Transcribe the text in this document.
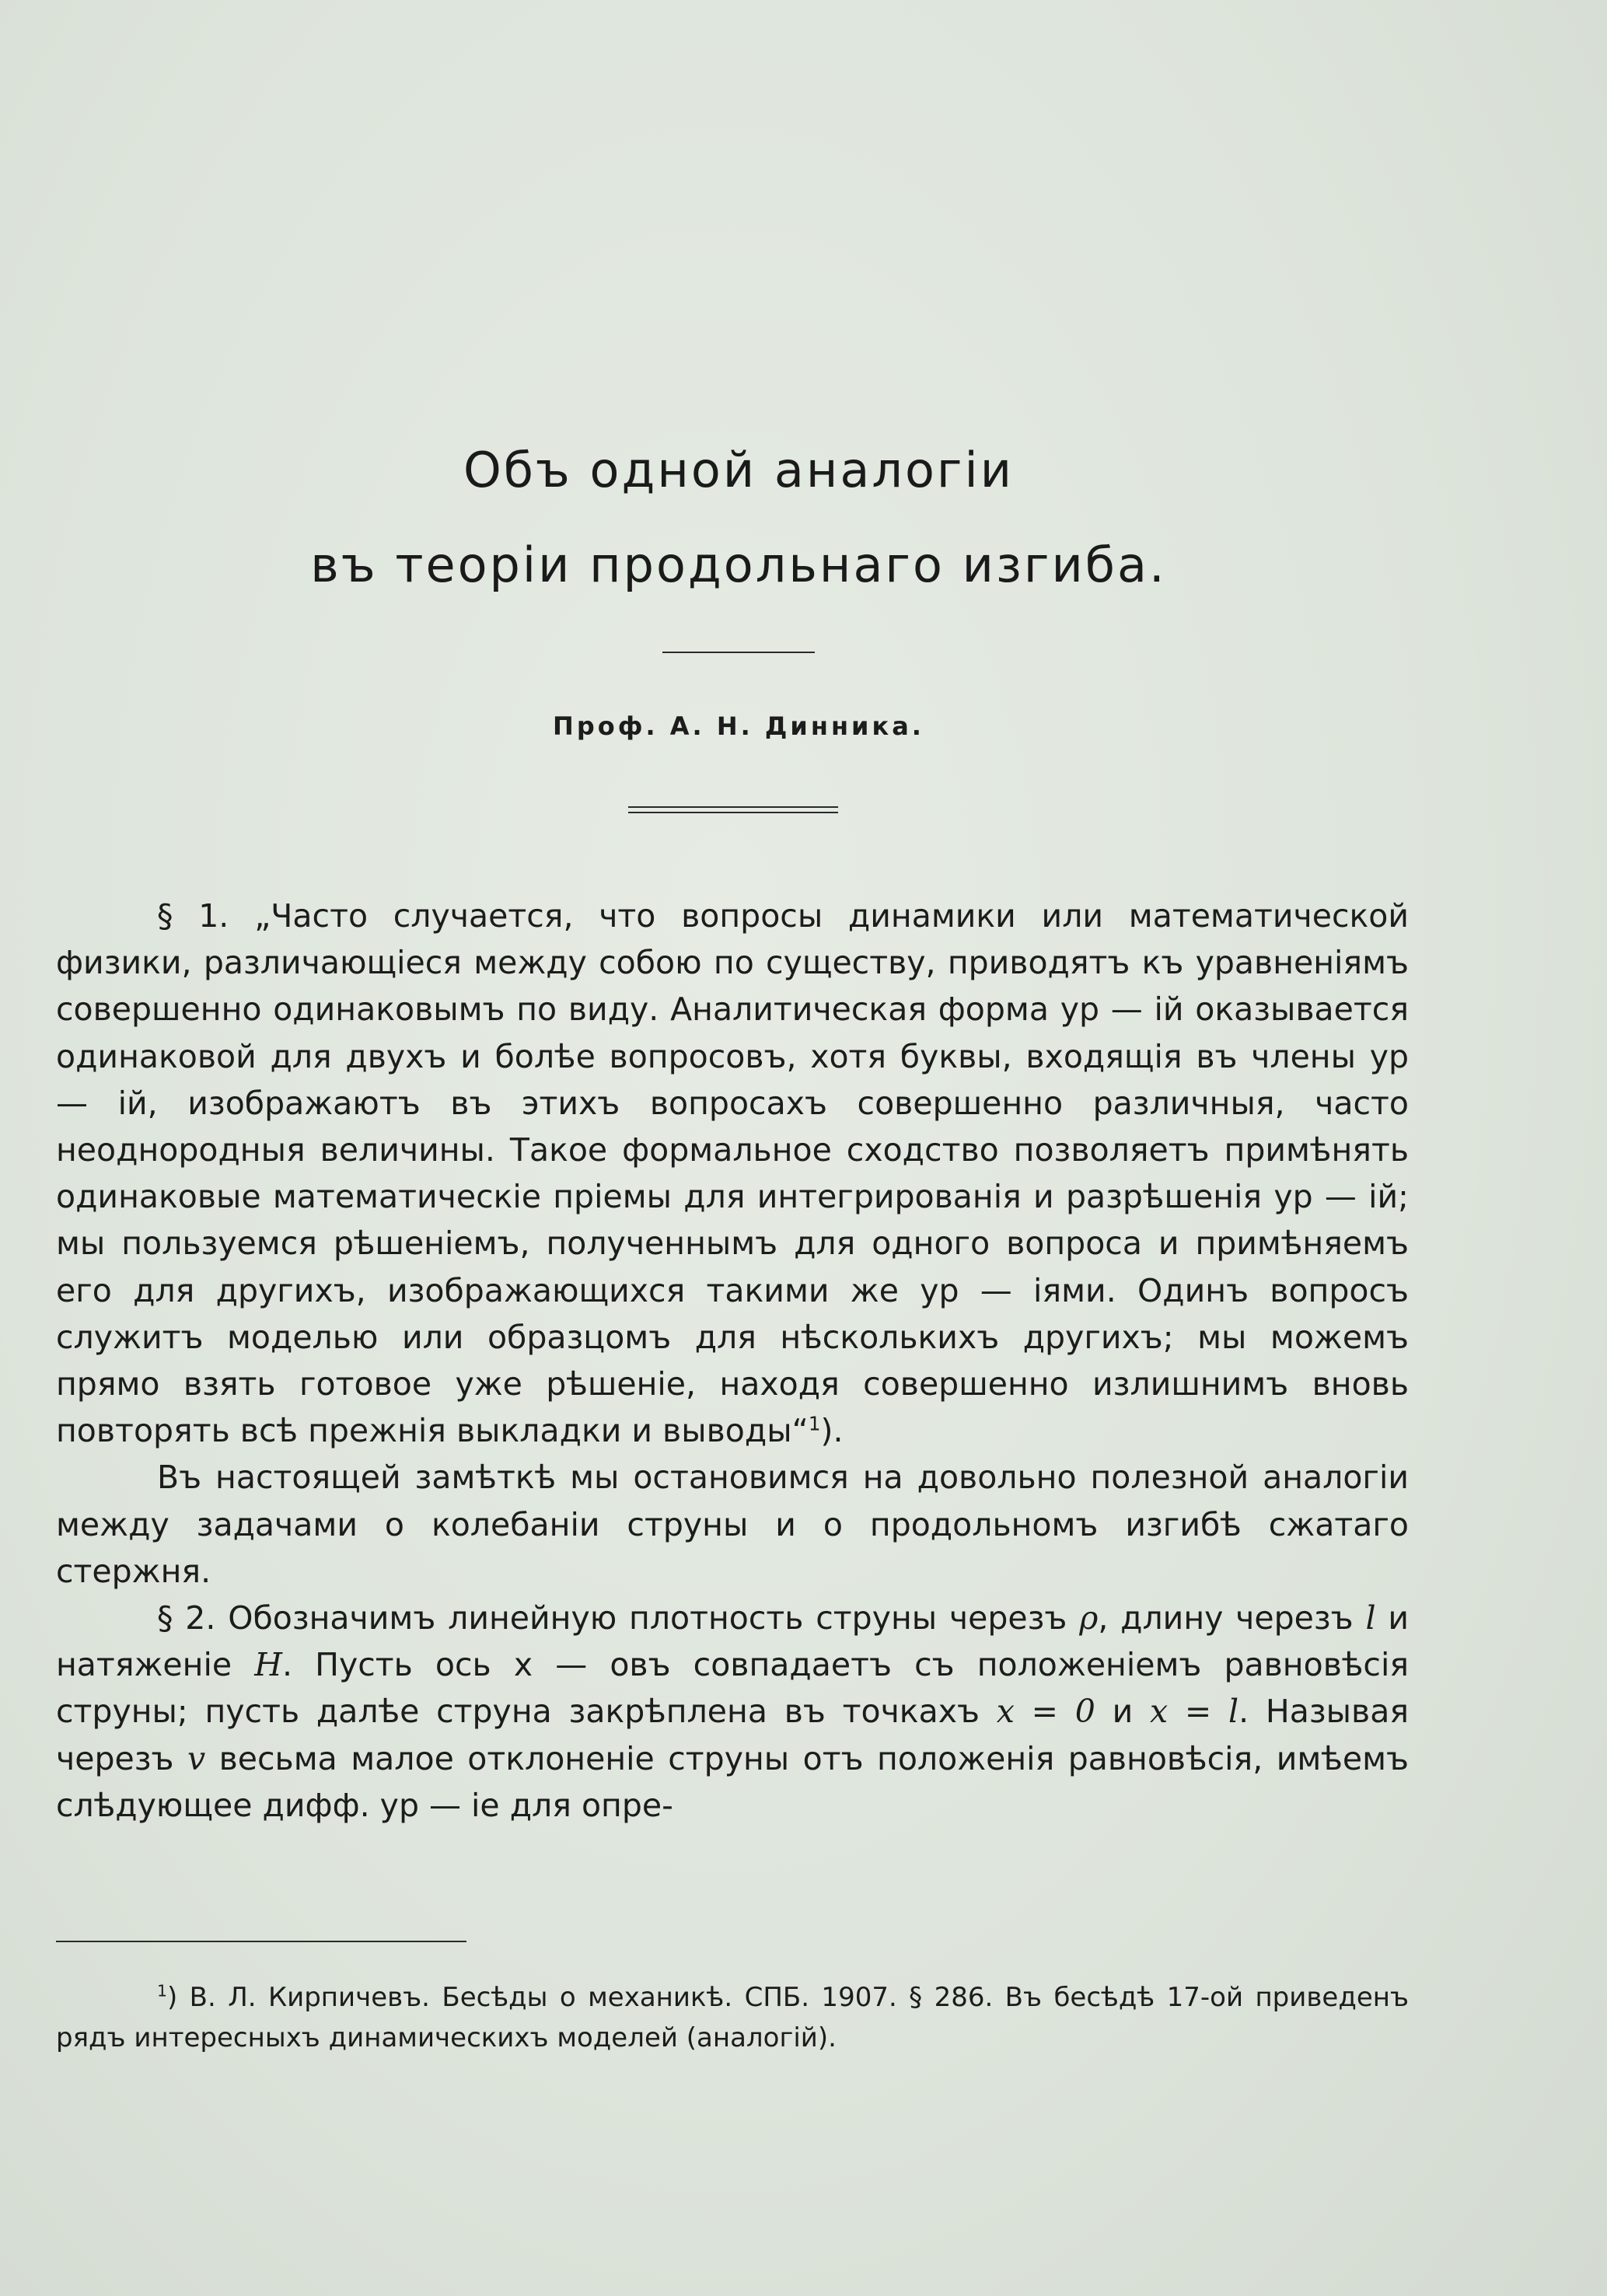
Объ одной аналогіи
въ теоріи продольнаго изгиба.
Проф. А. Н. Динника.

§ 1. „Часто случается, что вопросы динамики или математической физики, различающіеся между собою по существу, приводятъ къ уравненіямъ совершенно одинаковымъ по виду. Аналитическая форма ур — ій оказывается одинаковой для двухъ и болѣе вопросовъ, хотя буквы, входящія въ члены ур — ій, изображаютъ въ этихъ вопросахъ совершенно различныя, часто неоднородныя величины. Такое формальное сходство позволяетъ примѣнять одинаковые математическіе пріемы для интегрированія и разрѣшенія ур — ій; мы пользуемся рѣшеніемъ, полученнымъ для одного вопроса и примѣняемъ его для другихъ, изображающихся такими же ур — іями. Одинъ вопросъ служитъ моделью или образцомъ для нѣсколькихъ другихъ; мы можемъ прямо взять готовое уже рѣшеніе, находя совершенно излишнимъ вновь повторять всѣ прежнія выкладки и выводы“$^1$).

Въ настоящей замѣткѣ мы остановимся на довольно полезной аналогіи между задачами о колебаніи струны и о продольномъ изгибѣ сжатаго стержня.

§ 2. Обозначимъ линейную плотность струны черезъ ρ, длину черезъ l и натяженіе H. Пусть ось x — овъ совпадаетъ съ положеніемъ равновѣсія струны; пусть далѣе струна закрѣплена въ точкахъ x = 0 и x = l. Называя черезъ v весьма малое отклоненіе струны отъ положенія равновѣсія, имѣемъ слѣдующее дифф. ур — іе для опре-

$^1$) В. Л. Кирпичевъ. Бесѣды о механикѣ. СПБ. 1907. § 286. Въ бесѣдѣ 17-ой приведенъ рядъ интересныхъ динамическихъ моделей (аналогій).
